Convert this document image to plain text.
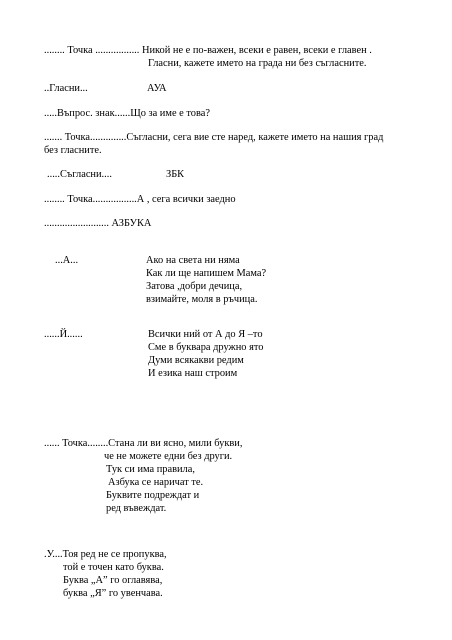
........ Точка ................. Никой не е по-важен, всеки е равен, всеки е главен .
Гласни, кажете името на града ни без съгласните.
..Гласни...	АУА
.....Въпрос. знак......Що за име е това?
....... Точка..............Съгласни, сега вие сте наред, кажете името на нашия град
без гласните.
.....Съгласни....	ЗБК
........ Точка.................А , сега всички заедно
......................... АЗБУКА
...А...	Ако на света ни няма
Как ли ще напишем Мама?
Затова ,добри дечица,
взимайте, моля в ръчица.
......Й......	Всички ний от А до Я –то
Сме в буквара дружно ято
Думи всякакви редим
И езика наш строим
...... Точка........Стана ли ви ясно, мили букви,
че не можете едни без други.
Тук си има правила,
Азбука се наричат те.
Буквите подреждат и
ред въвеждат.
.У....Тоя ред не се пропуква,
той е точен като буква.
Буква „А” го оглавява,
буква „Я” го увенчава.
